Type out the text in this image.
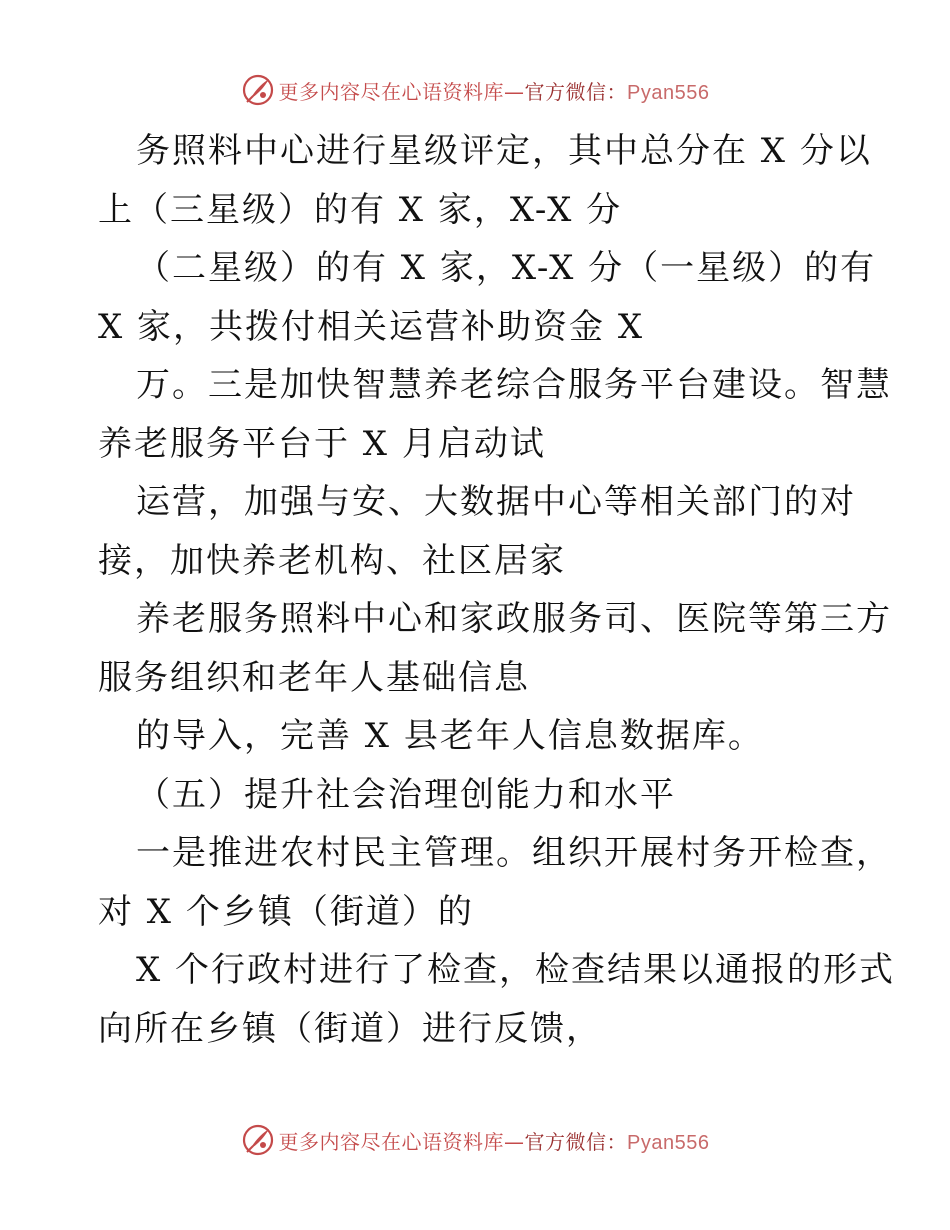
更多内容尽在心语资料库—官方微信：Pyan556
务照料中心进行星级评定，其中总分在 X 分以
上（三星级）的有 X 家，X-X 分
（二星级）的有 X 家，X-X 分（一星级）的有
X 家，共拨付相关运营补助资金 X
万。三是加快智慧养老综合服务平台建设。智慧
养老服务平台于 X 月启动试
运营，加强与安、大数据中心等相关部门的对
接，加快养老机构、社区居家
养老服务照料中心和家政服务司、医院等第三方
服务组织和老年人基础信息
的导入，完善 X 县老年人信息数据库。
（五）提升社会治理创能力和水平
一是推进农村民主管理。组织开展村务开检查，
对 X 个乡镇（街道）的
X 个行政村进行了检查，检查结果以通报的形式
向所在乡镇（街道）进行反馈，
更多内容尽在心语资料库—官方微信：Pyan556
